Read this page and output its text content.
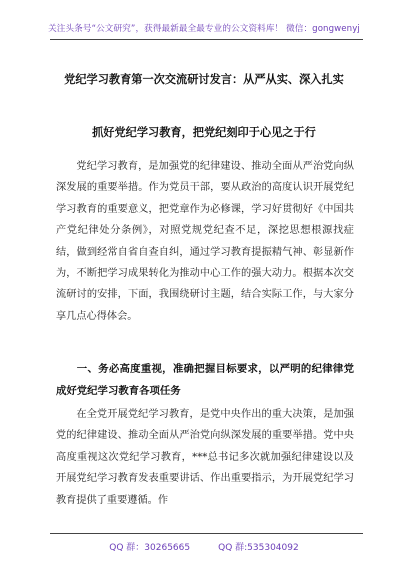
关注头条号“公文研究”，获得最新最全最专业的公文资料库！ 微信：gongwenyj
党纪学习教育第一次交流研讨发言：从严从实、深入扎实
抓好党纪学习教育，把党纪刻印于心见之于行

党纪学习教育，是加强党的纪律建设、推动全面从严治党向纵深发展的重要举措。作为党员干部，要从政治的高度认识开展党纪学习教育的重要意义，把党章作为必修课，学习好贯彻好《中国共产党纪律处分条例》，对照党规党纪查不足，深挖思想根源找症结，做到经常自省自查自纠，通过学习教育提振精气神、彰显新作为，不断把学习成果转化为推动中心工作的强大动力。根据本次交流研讨的安排，下面，我围绕研讨主题，结合实际工作，与大家分享几点心得体会。

一、务必高度重视，准确把握目标要求，以严明的纪律律党成好党纪学习教育各项任务

在全党开展党纪学习教育，是党中央作出的重大决策，是加强党的纪律建设、推动全面从严治党向纵深发展的重要举措。党中央高度重视这次党纪学习教育，***总书记多次就加强纪律建设以及开展党纪学习教育发表重要讲话、作出重要指示，为开展党纪学习教育提供了重要遵循。作

QQ 群：30265665	QQ 群:535304092
